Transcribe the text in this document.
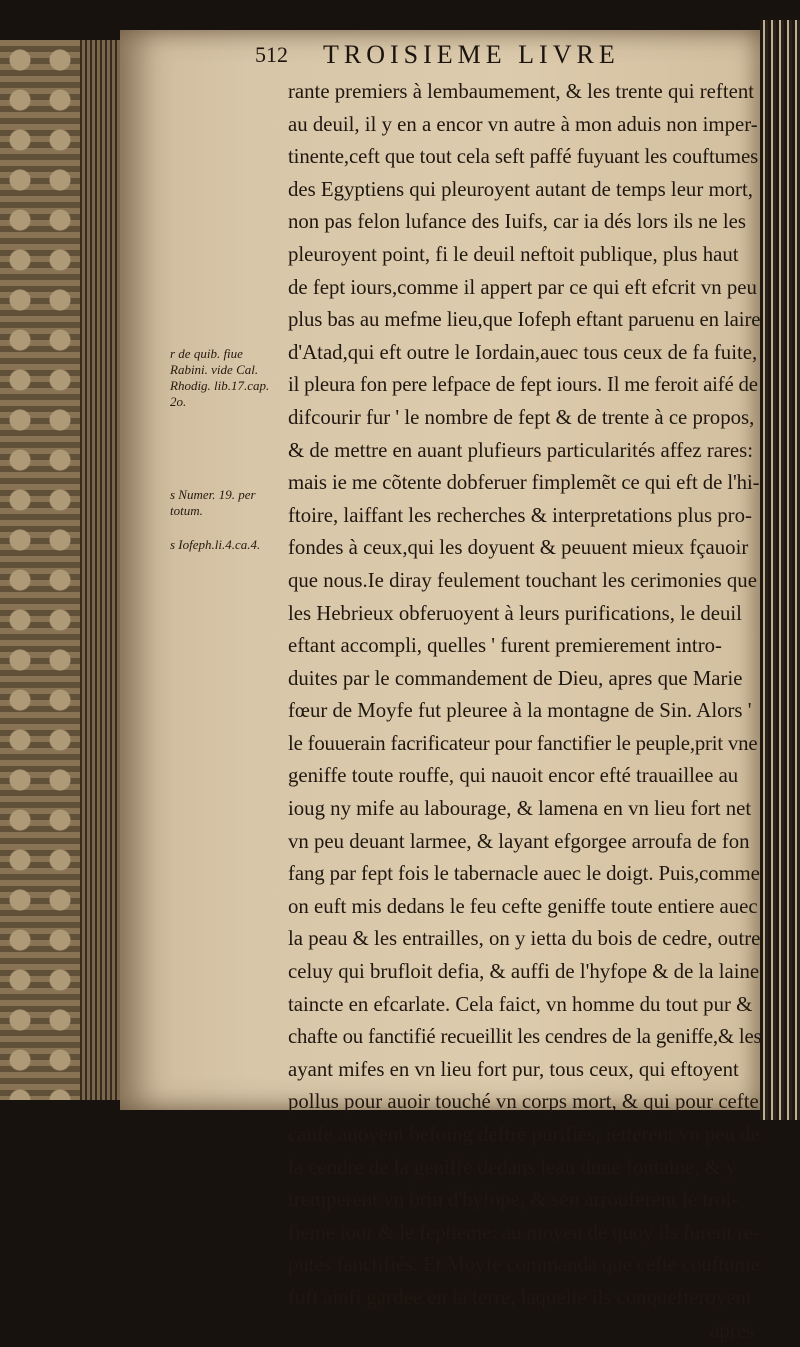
512 TROISIEME LIVRE
r de quib. fiue
Rabini. vide Cal.
Rhodig. lib.17.cap.
2o.
s Numer. 19. per
totum.
s Iofeph.li.4.ca.4.
rante premiers à lembaumement, & les trente qui reftent
au deuil, il y en a encor vn autre à mon aduis non imper-
tinente,ceft que tout cela seft paffé fuyuant les couftumes
des Egyptiens qui pleuroyent autant de temps leur mort,
non pas felon lufance des Iuifs, car ia dés lors ils ne les
pleuroyent point, fi le deuil neftoit publique, plus haut
de fept iours,comme il appert par ce qui eft efcrit vn peu
plus bas au mefme lieu,que Iofeph eftant paruenu en laire
d'Atad,qui eft outre le Iordain,auec tous ceux de fa fuite,
il pleura fon pere lefpace de fept iours. Il me feroit aifé de
difcourir fur ' le nombre de fept & de trente à ce propos,
& de mettre en auant plufieurs particularités affez rares:
mais ie me cõtente dobferuer fimplemẽt ce qui eft de l'hi-
ftoire, laiffant les recherches & interpretations plus pro-
fondes à ceux,qui les doyuent & peuuent mieux fçauoir
que nous.Ie diray feulement touchant les cerimonies que
les Hebrieux obferuoyent à leurs purifications, le deuil
eftant accompli, quelles ' furent premierement intro-
duites par le commandement de Dieu, apres que Marie
fœur de Moyfe fut pleuree à la montagne de Sin. Alors '
le fouuerain facrificateur pour fanctifier le peuple,prit vne
geniffe toute rouffe, qui nauoit encor efté trauaillee au
ioug ny mife au labourage, & lamena en vn lieu fort net
vn peu deuant larmee, & layant efgorgee arroufa de fon
fang par fept fois le tabernacle auec le doigt. Puis,comme
on euft mis dedans le feu cefte geniffe toute entiere auec
la peau & les entrailles, on y ietta du bois de cedre, outre
celuy qui brufloit defia, & auffi de l'hyfope & de la laine
taincte en efcarlate. Cela faict, vn homme du tout pur &
chafte ou fanctifié recueillit les cendres de la geniffe,& les
ayant mifes en vn lieu fort pur, tous ceux, qui eftoyent
pollus pour auoir touché vn corps mort, & qui pour cefte
caufe auoyent befoing deftre purifiés, ietterent vn peu de
la cendre de la geniffe dedans leau dune fontaine, & y
tremperent vn brin d'hyfope, & sen arrouferent le troi-
fieme iour & le feptieme: au moyen de quoy ils furent re-
putés fanctifiés. Et Moyfe commanda que cefte couftume
fuft ainfi gardee en la terre, laquelle ils conquefteroyent
apres
